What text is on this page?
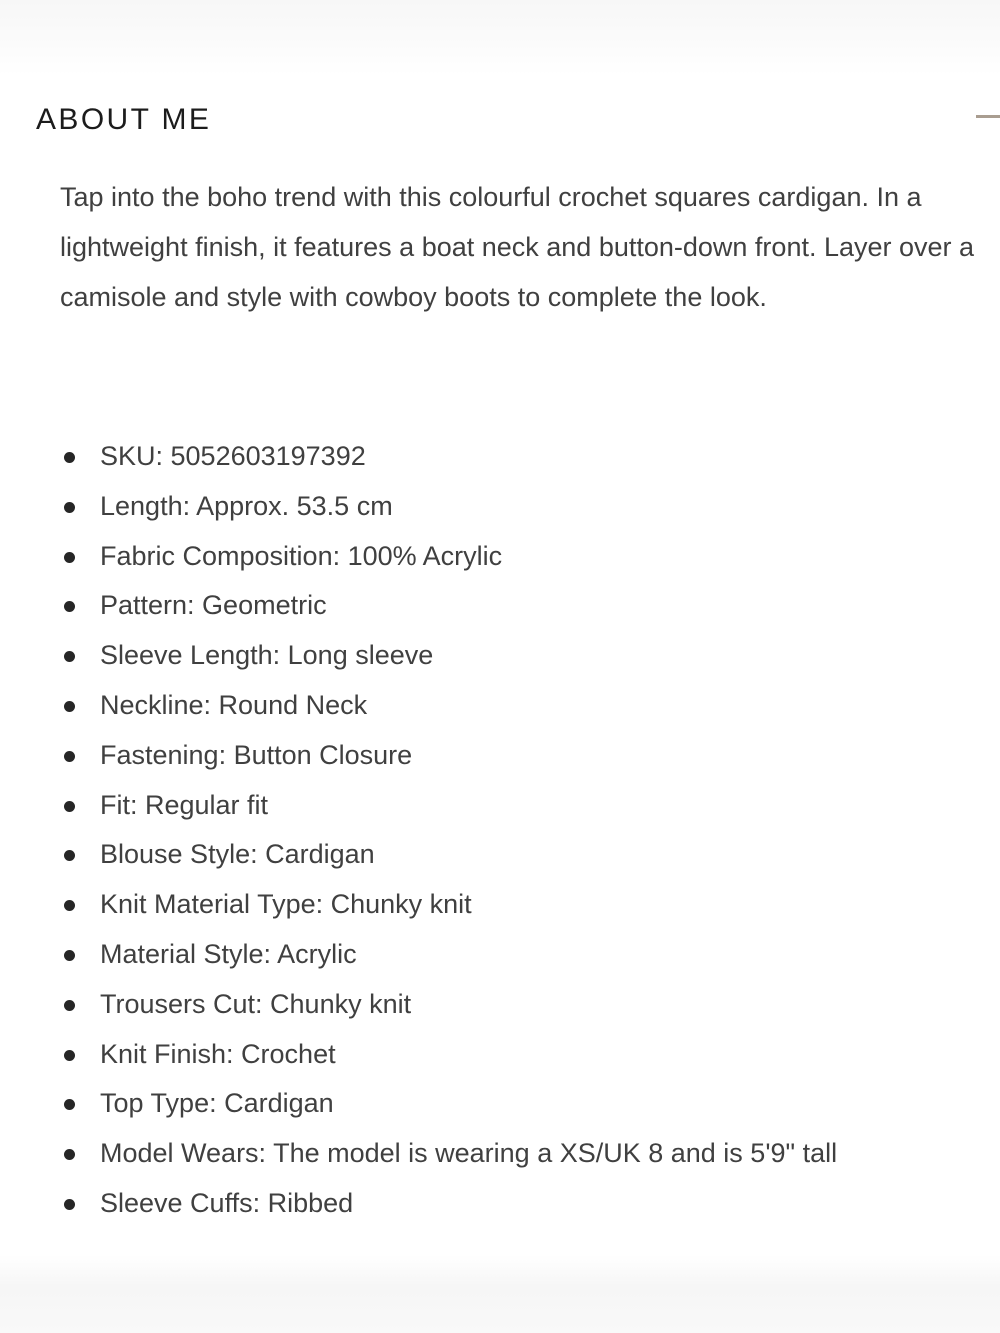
ABOUT ME

Tap into the boho trend with this colourful crochet squares cardigan. In a lightweight finish, it features a boat neck and button-down front. Layer over a camisole and style with cowboy boots to complete the look.

SKU: 5052603197392
Length: Approx. 53.5 cm
Fabric Composition: 100% Acrylic
Pattern: Geometric
Sleeve Length: Long sleeve
Neckline: Round Neck
Fastening: Button Closure
Fit: Regular fit
Blouse Style: Cardigan
Knit Material Type: Chunky knit
Material Style: Acrylic
Trousers Cut: Chunky knit
Knit Finish: Crochet
Top Type: Cardigan
Model Wears: The model is wearing a XS/UK 8 and is 5'9" tall
Sleeve Cuffs: Ribbed
